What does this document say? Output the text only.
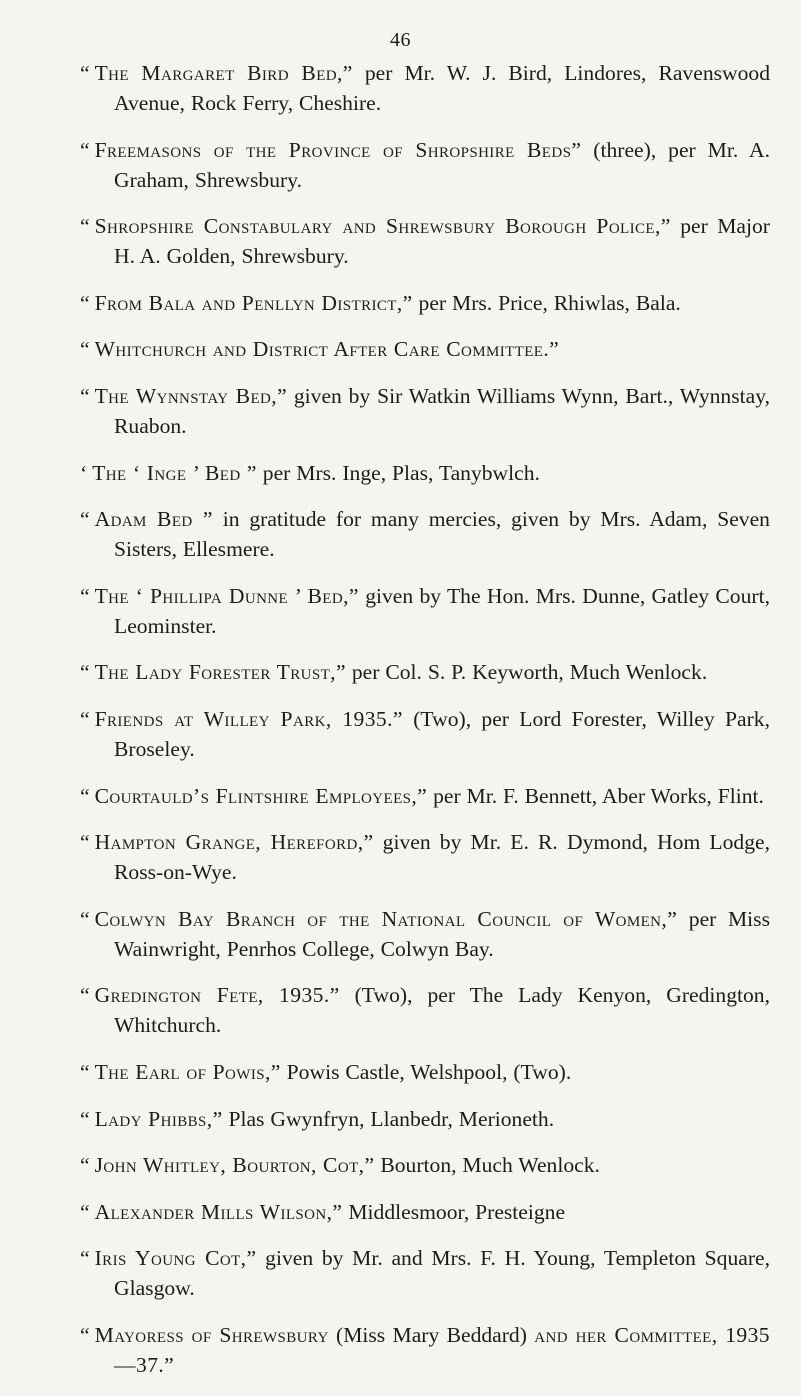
46

“ The Margaret Bird Bed,” per Mr. W. J. Bird, Lindores, Ravenswood Avenue, Rock Ferry, Cheshire.

“ Freemasons of the Province of Shropshire Beds” (three), per Mr. A. Graham, Shrewsbury.

“ Shropshire Constabulary and Shrewsbury Borough Police,” per Major H. A. Golden, Shrewsbury.

“ From Bala and Penllyn District,” per Mrs. Price, Rhiwlas, Bala.

“ Whitchurch and District After Care Committee.”

“ The Wynnstay Bed,” given by Sir Watkin Williams Wynn, Bart., Wynnstay, Ruabon.

‘ The ‘ Inge ’ Bed ” per Mrs. Inge, Plas, Tanybwlch.

“ Adam Bed ” in gratitude for many mercies, given by Mrs. Adam, Seven Sisters, Ellesmere.

“ The ‘ Phillipa Dunne ’ Bed,” given by The Hon. Mrs. Dunne, Gatley Court, Leominster.

“ The Lady Forester Trust,” per Col. S. P. Keyworth, Much Wenlock.

“ Friends at Willey Park, 1935.” (Two), per Lord Forester, Willey Park, Broseley.

“ Courtauld’s Flintshire Employees,” per Mr. F. Bennett, Aber Works, Flint.

“ Hampton Grange, Hereford,” given by Mr. E. R. Dymond, Hom Lodge, Ross-on-Wye.

“ Colwyn Bay Branch of the National Council of Women,” per Miss Wainwright, Penrhos College, Colwyn Bay.

“ Gredington Fete, 1935.” (Two), per The Lady Kenyon, Gredington, Whitchurch.

“ The Earl of Powis,” Powis Castle, Welshpool, (Two).

“ Lady Phibbs,” Plas Gwynfryn, Llanbedr, Merioneth.

“ John Whitley, Bourton, Cot,” Bourton, Much Wenlock.

“ Alexander Mills Wilson,” Middlesmoor, Presteigne

“ Iris Young Cot,” given by Mr. and Mrs. F. H. Young, Templeton Square, Glasgow.

“ Mayoress of Shrewsbury (Miss Mary Beddard) and her Committee, 1935—37.”
